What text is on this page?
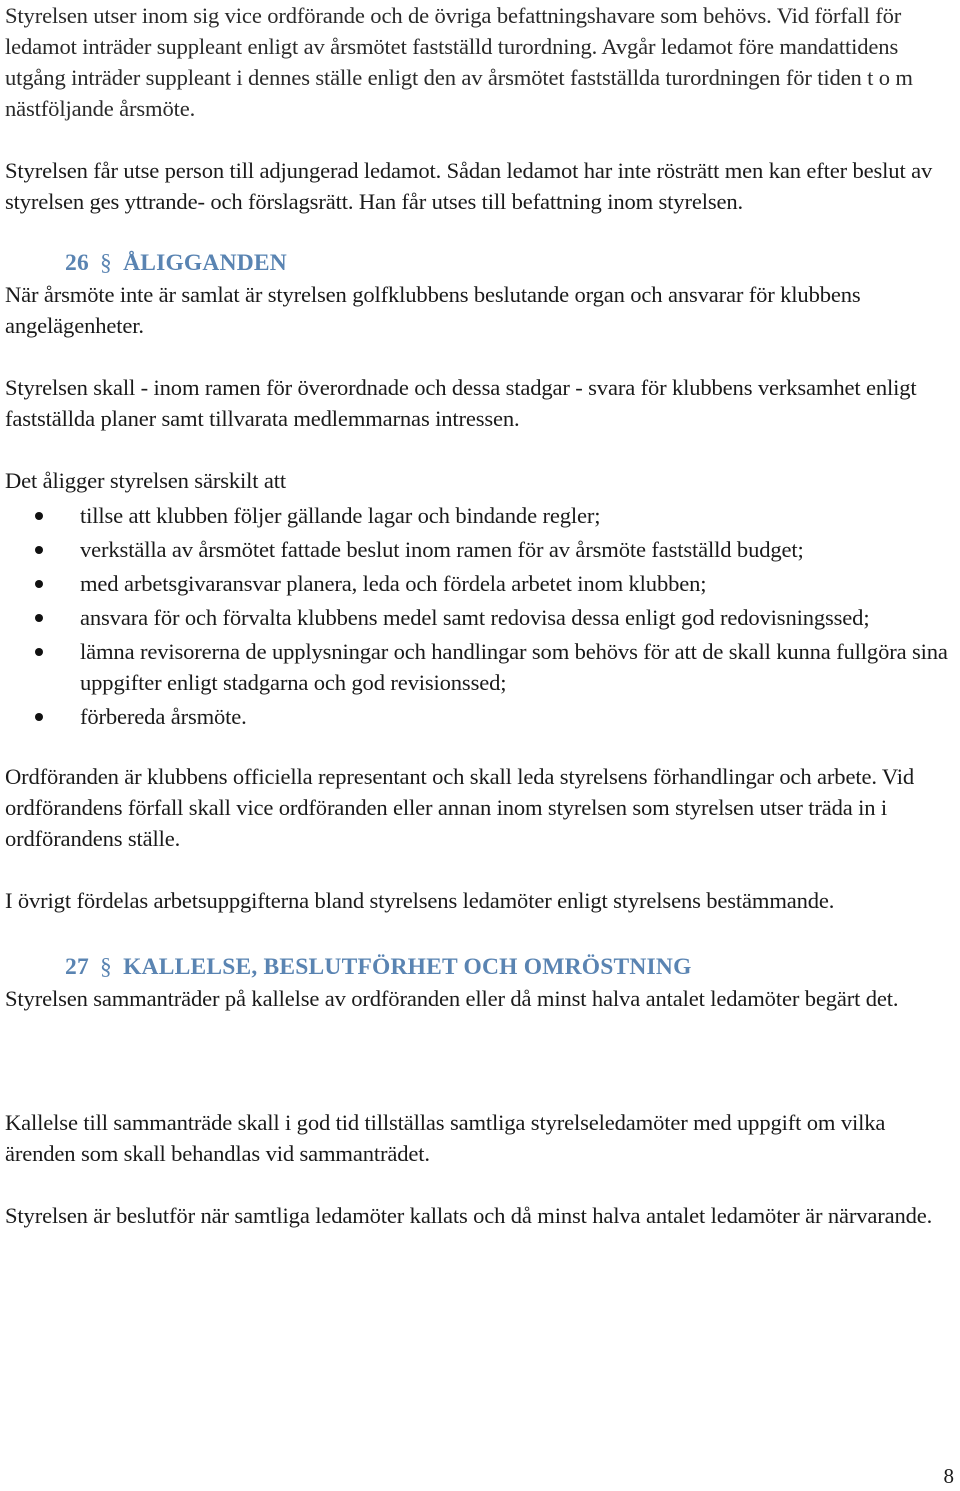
Styrelsen utser inom sig vice ordförande och de övriga befattningshavare som behövs. Vid förfall för ledamot inträder suppleant enligt av årsmötet fastställd turordning. Avgår ledamot före mandattidens utgång inträder suppleant i dennes ställe enligt den av årsmötet fastställda turordningen för tiden t o m nästföljande årsmöte.

Styrelsen får utse person till adjungerad ledamot. Sådan ledamot har inte rösträtt men kan efter beslut av styrelsen ges yttrande- och förslagsrätt. Han får utses till befattning inom styrelsen.

26 § ÅLIGGANDEN

När årsmöte inte är samlat är styrelsen golfklubbens beslutande organ och ansvarar för klubbens angelägenheter.

Styrelsen skall - inom ramen för överordnade och dessa stadgar - svara för klubbens verksamhet enligt fastställda planer samt tillvarata medlemmarnas intressen.

Det åligger styrelsen särskilt att

tillse att klubben följer gällande lagar och bindande regler;
verkställa av årsmötet fattade beslut inom ramen för av årsmöte fastställd budget;
med arbetsgivaransvar planera, leda och fördela arbetet inom klubben;
ansvara för och förvalta klubbens medel samt redovisa dessa enligt god redovisningssed;
lämna revisorerna de upplysningar och handlingar som behövs för att de skall kunna fullgöra sina uppgifter enligt stadgarna och god revisionssed;
förbereda årsmöte.

Ordföranden är klubbens officiella representant och skall leda styrelsens förhandlingar och arbete. Vid ordförandens förfall skall vice ordföranden eller annan inom styrelsen som styrelsen utser träda in i ordförandens ställe.

I övrigt fördelas arbetsuppgifterna bland styrelsens ledamöter enligt styrelsens bestämmande.

27 § KALLELSE, BESLUTFÖRHET OCH OMRÖSTNING

Styrelsen sammanträder på kallelse av ordföranden eller då minst halva antalet ledamöter begärt det.

Kallelse till sammanträde skall i god tid tillställas samtliga styrelseledamöter med uppgift om vilka ärenden som skall behandlas vid sammanträdet.

Styrelsen är beslutför när samtliga ledamöter kallats och då minst halva antalet ledamöter är närvarande.

8
